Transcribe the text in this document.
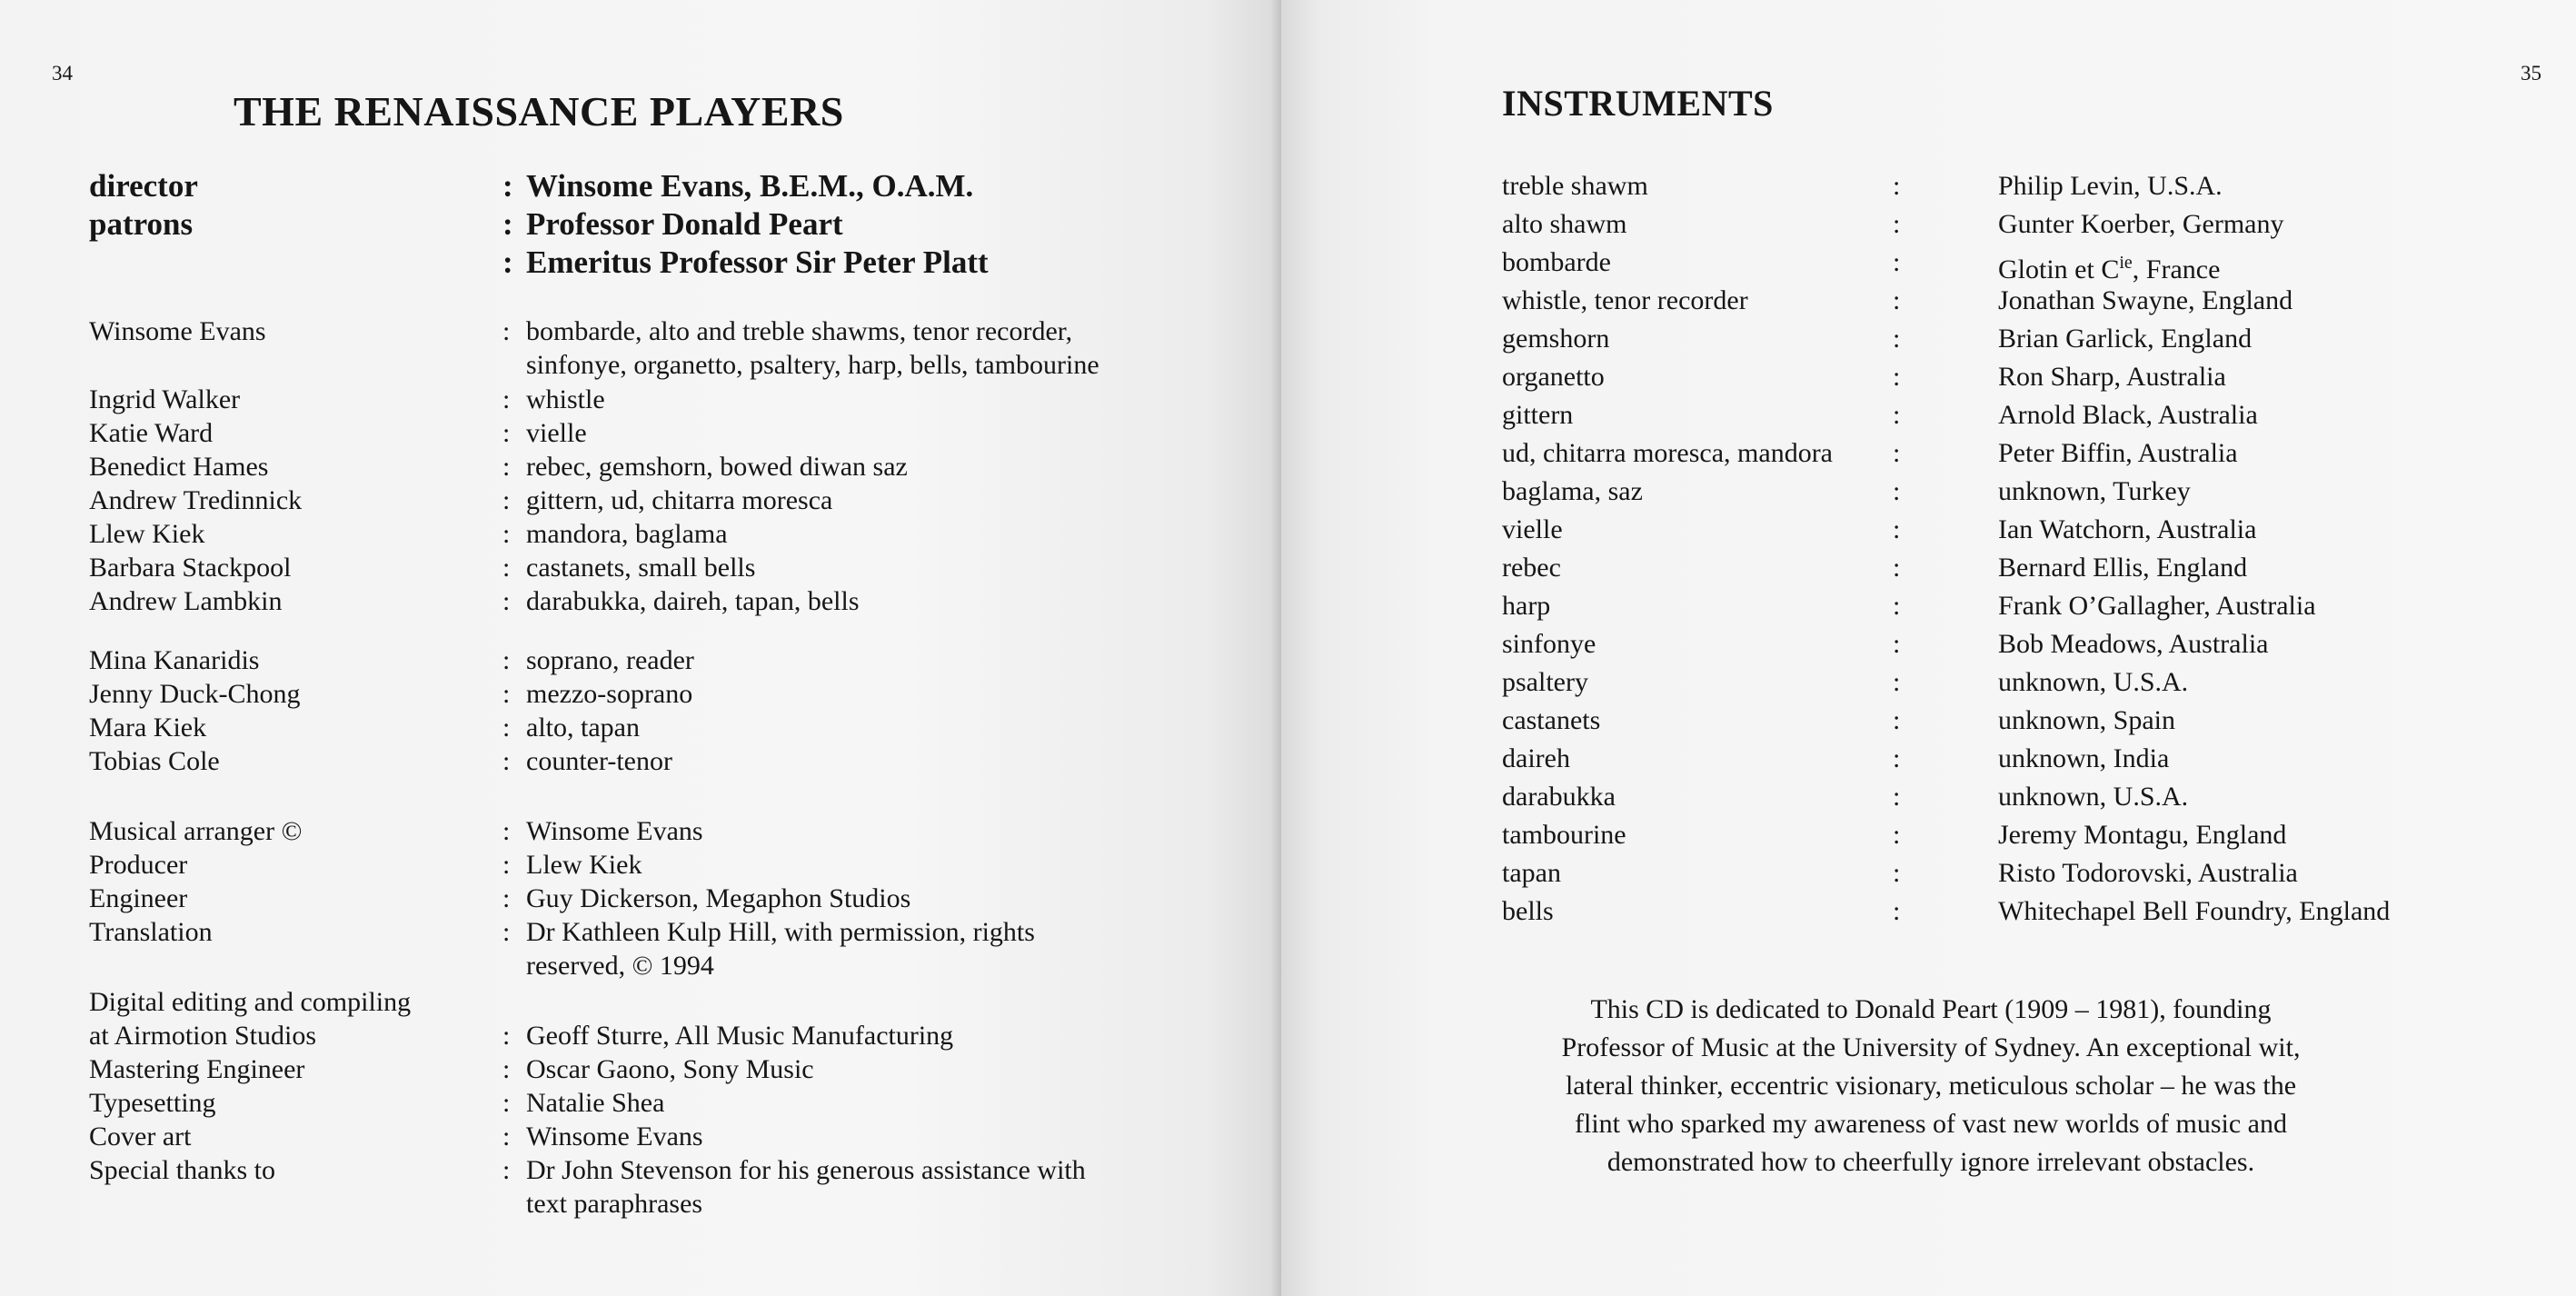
34
THE RENAISSANCE PLAYERS
director	: Winsome Evans, B.E.M., O.A.M.
patrons	: Professor Donald Peart
: Emeritus Professor Sir Peter Platt
Winsome Evans	: bombarde, alto and treble shawms, tenor recorder,
sinfonye, organetto, psaltery, harp, bells, tambourine
Ingrid Walker	: whistle
Katie Ward	: vielle
Benedict Hames	: rebec, gemshorn, bowed diwan saz
Andrew Tredinnick	: gittern, ud, chitarra moresca
Llew Kiek	: mandora, baglama
Barbara Stackpool	: castanets, small bells
Andrew Lambkin	: darabukka, daireh, tapan, bells
Mina Kanaridis	: soprano, reader
Jenny Duck-Chong	: mezzo-soprano
Mara Kiek	: alto, tapan
Tobias Cole	: counter-tenor
Musical arranger ©	: Winsome Evans
Producer	: Llew Kiek
Engineer	: Guy Dickerson, Megaphon Studios
Translation	: Dr Kathleen Kulp Hill, with permission, rights
reserved, © 1994
Digital editing and compiling
at Airmotion Studios	: Geoff Sturre, All Music Manufacturing
Mastering Engineer	: Oscar Gaono, Sony Music
Typesetting	: Natalie Shea
Cover art	: Winsome Evans
Special thanks to	: Dr John Stevenson for his generous assistance with
text paraphrases
35
INSTRUMENTS
treble shawm	:	Philip Levin, U.S.A.
alto shawm	:	Gunter Koerber, Germany
bombarde	:	Glotin et $C^{ie}$, France
whistle, tenor recorder	:	Jonathan Swayne, England
gemshorn	:	Brian Garlick, England
organetto	:	Ron Sharp, Australia
gittern	:	Arnold Black, Australia
ud, chitarra moresca, mandora	:	Peter Biffin, Australia
baglama, saz	:	unknown, Turkey
vielle	:	Ian Watchorn, Australia
rebec	:	Bernard Ellis, England
harp	:	Frank O’Gallagher, Australia
sinfonye	:	Bob Meadows, Australia
psaltery	:	unknown, U.S.A.
castanets	:	unknown, Spain
daireh	:	unknown, India
darabukka	:	unknown, U.S.A.
tambourine	:	Jeremy Montagu, England
tapan	:	Risto Todorovski, Australia
bells	:	Whitechapel Bell Foundry, England
This CD is dedicated to Donald Peart (1909 – 1981), founding
Professor of Music at the University of Sydney. An exceptional wit,
lateral thinker, eccentric visionary, meticulous scholar – he was the
flint who sparked my awareness of vast new worlds of music and
demonstrated how to cheerfully ignore irrelevant obstacles.
